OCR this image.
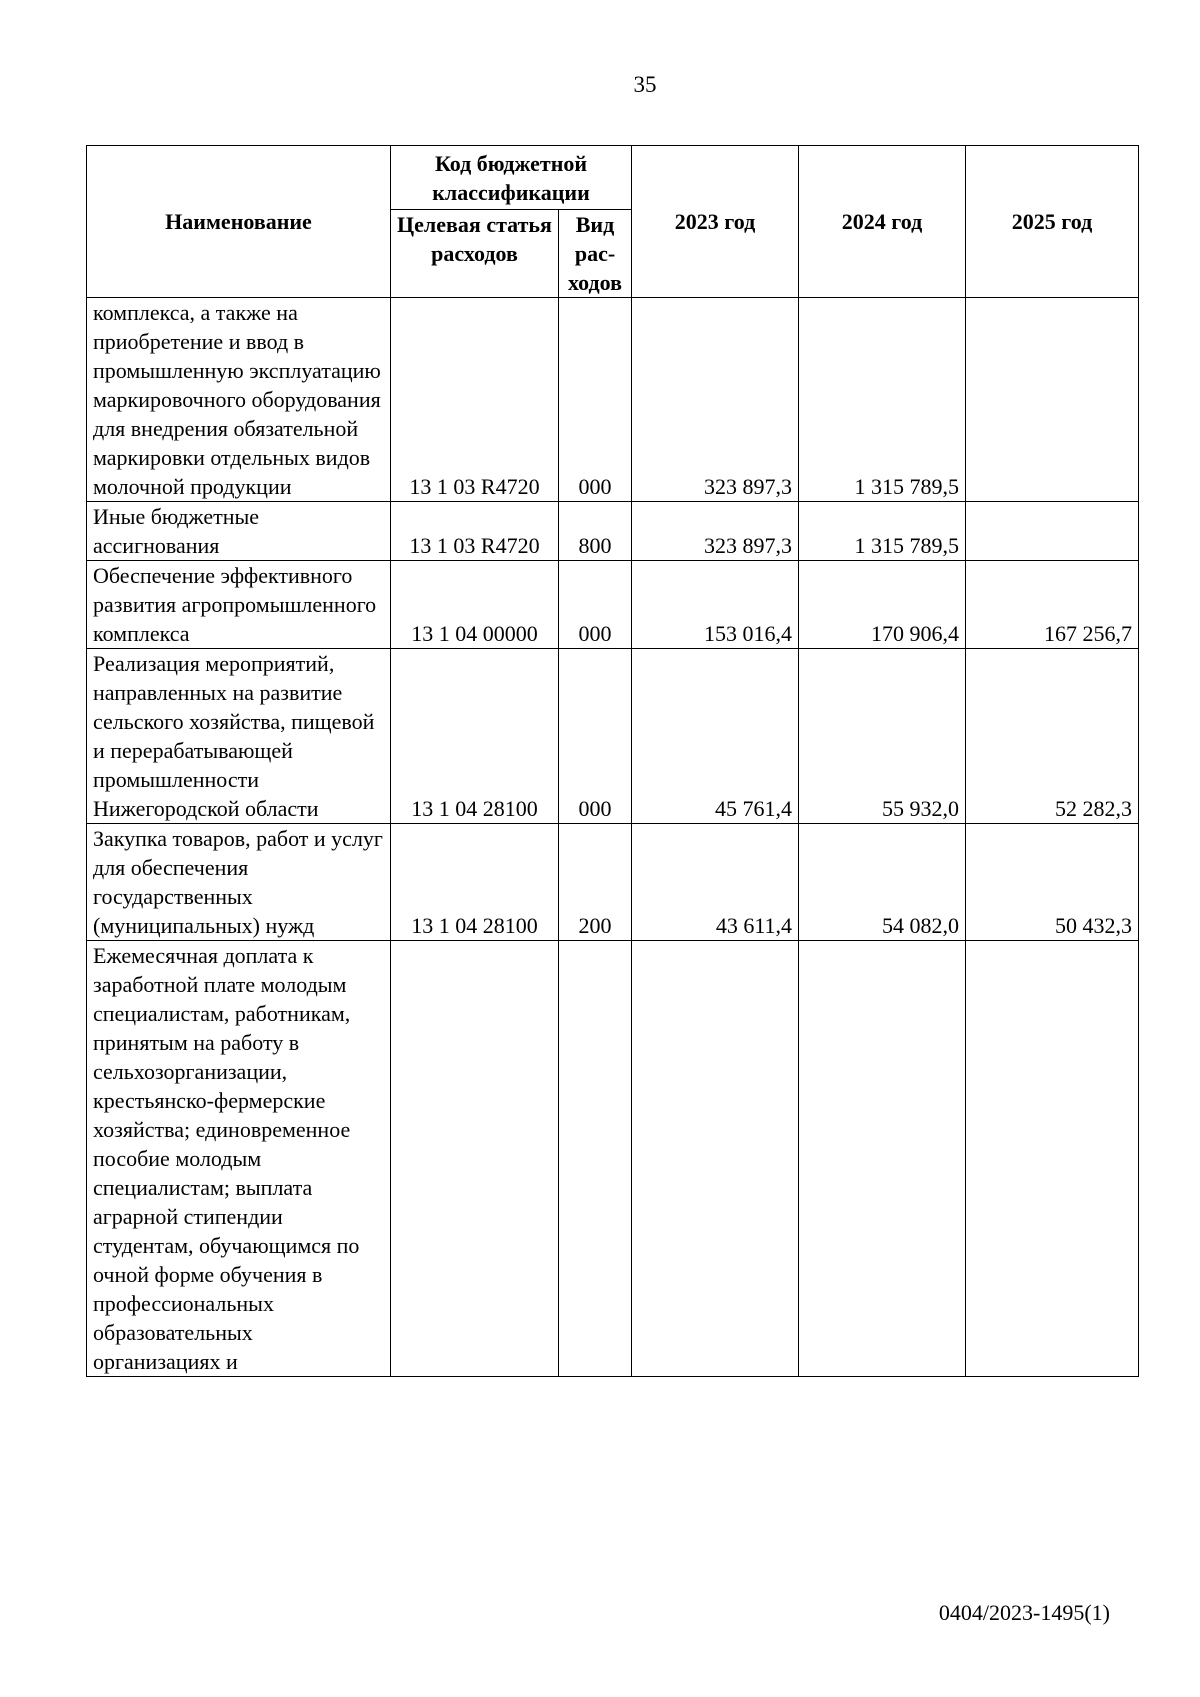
35
Наименование	Код бюджетной классификации		2023 год	2024 год	2025 год
	Целевая статья расходов	Вид рас-ходов			
комплекса, а также на приобретение и ввод в промышленную эксплуатацию маркировочного оборудования для внедрения обязательной маркировки отдельных видов молочной продукции	13 1 03 R4720	000	323 897,3	1 315 789,5	
Иные бюджетные ассигнования	13 1 03 R4720	800	323 897,3	1 315 789,5	
Обеспечение эффективного развития агропромышленного комплекса	13 1 04 00000	000	153 016,4	170 906,4	167 256,7
Реализация мероприятий, направленных на развитие сельского хозяйства, пищевой и перерабатывающей промышленности Нижегородской области	13 1 04 28100	000	45 761,4	55 932,0	52 282,3
Закупка товаров, работ и услуг для обеспечения государственных (муниципальных) нужд	13 1 04 28100	200	43 611,4	54 082,0	50 432,3
Ежемесячная доплата к заработной плате молодым специалистам, работникам, принятым на работу в сельхозорганизации, крестьянско-фермерские хозяйства; единовременное пособие молодым специалистам; выплата аграрной стипендии студентам, обучающимся по очной форме обучения в профессиональных образовательных организациях и					
0404/2023-1495(1)
